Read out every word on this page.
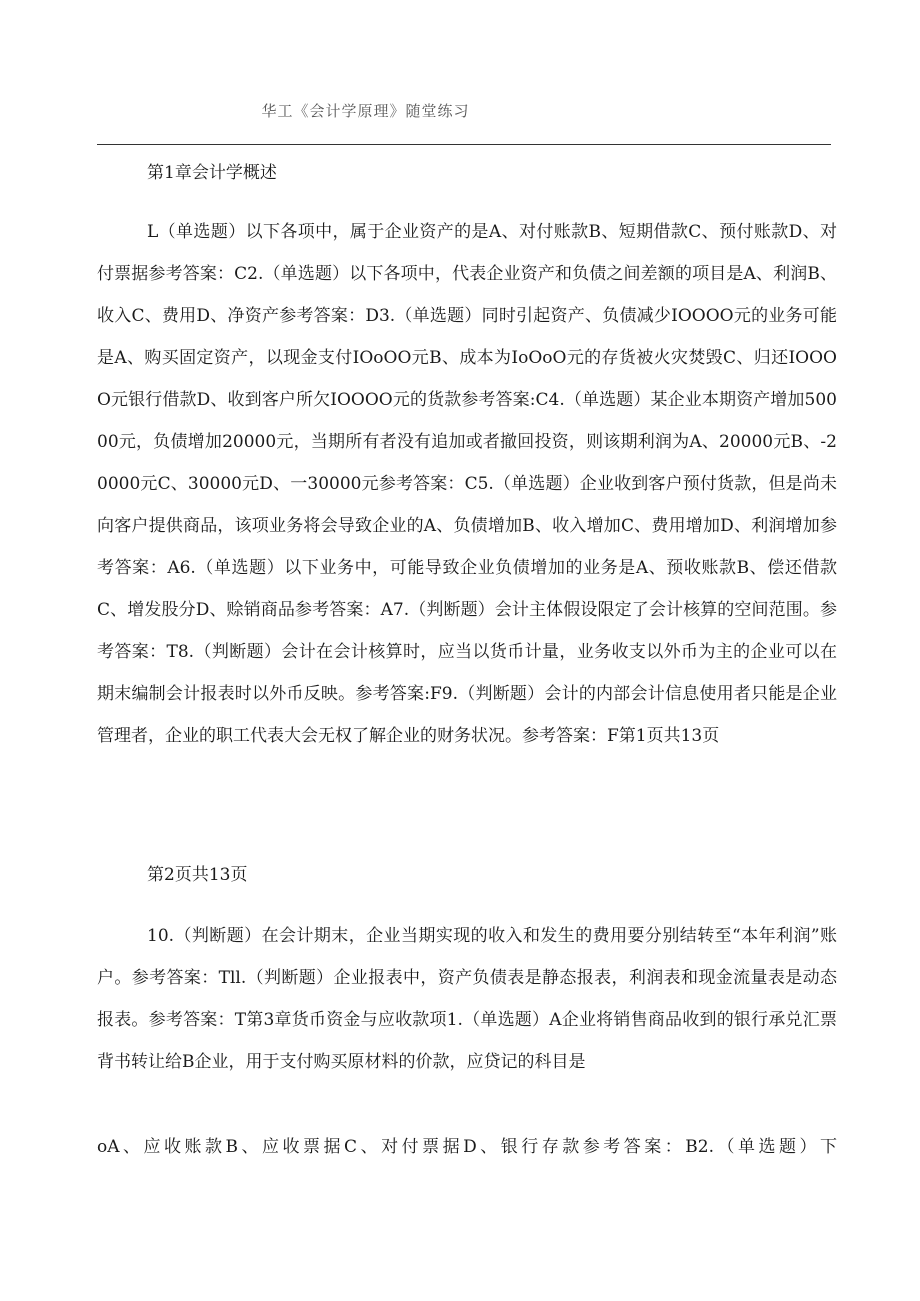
华工《会计学原理》随堂练习
第1章会计学概述
L（单选题）以下各项中，属于企业资产的是A、对付账款B、短期借款C、预付账款D、对付票据参考答案：C2.（单选题）以下各项中，代表企业资产和负债之间差额的项目是A、利润B、收入C、费用D、净资产参考答案：D3.（单选题）同时引起资产、负债减少IOOOO元的业务可能是A、购买固定资产，以现金支付IOoOO元B、成本为IoOoO元的存货被火灾焚毁C、归还IOOOO元银行借款D、收到客户所欠IOOOO元的货款参考答案:C4.（单选题）某企业本期资产增加50000元，负债增加20000元，当期所有者没有追加或者撤回投资，则该期利润为A、20000元B、-20000元C、30000元D、一30000元参考答案：C5.（单选题）企业收到客户预付货款，但是尚未向客户提供商品，该项业务将会导致企业的A、负债增加B、收入增加C、费用增加D、利润增加参考答案：A6.（单选题）以下业务中，可能导致企业负债增加的业务是A、预收账款B、偿还借款C、增发股分D、赊销商品参考答案：A7.（判断题）会计主体假设限定了会计核算的空间范围。参考答案：T8.（判断题）会计在会计核算时，应当以货币计量，业务收支以外币为主的企业可以在期末编制会计报表时以外币反映。参考答案:F9.（判断题）会计的内部会计信息使用者只能是企业管理者，企业的职工代表大会无权了解企业的财务状况。参考答案：F第1页共13页
第2页共13页
10.（判断题）在会计期末，企业当期实现的收入和发生的费用要分别结转至“本年利润”账户。参考答案：Tll.（判断题）企业报表中，资产负债表是静态报表，利润表和现金流量表是动态报表。参考答案：T第3章货币资金与应收款项1.（单选题）A企业将销售商品收到的银行承兑汇票背书转让给B企业，用于支付购买原材料的价款，应贷记的科目是
oA、应收账款B、应收票据C、对付票据D、银行存款参考答案：B2.（单选题）下
